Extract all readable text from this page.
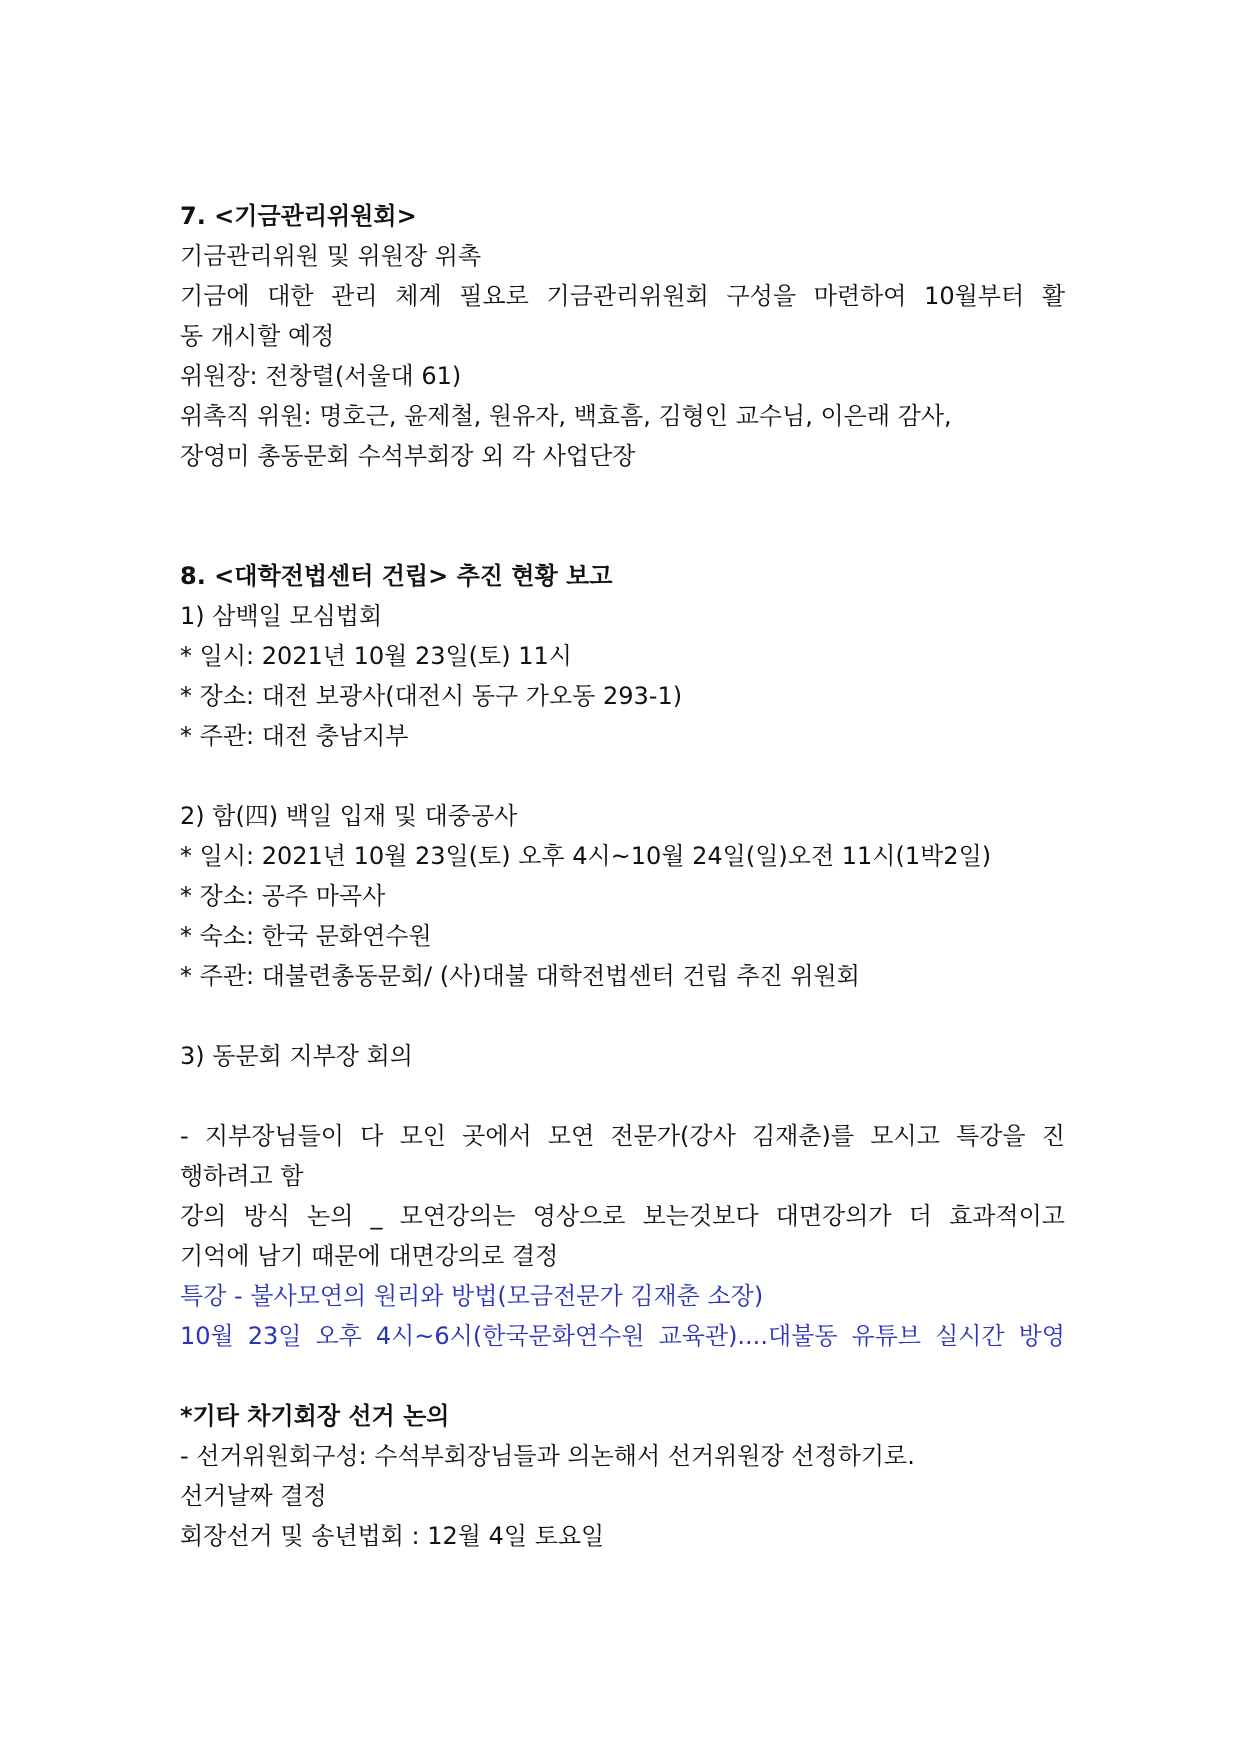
7. <기금관리위원회>
기금관리위원 및 위원장 위촉
기금에 대한 관리 체계 필요로 기금관리위원회 구성을 마련하여 10월부터 활
동 개시할 예정
위원장: 전창렬(서울대 61)
위촉직 위원: 명호근, 윤제철, 원유자, 백효흠, 김형인 교수님, 이은래 감사,
장영미 총동문회 수석부회장 외 각 사업단장
8. <대학전법센터 건립> 추진 현황 보고
1) 삼백일 모심법회
* 일시: 2021년 10월 23일(토) 11시
* 장소: 대전 보광사(대전시 동구 가오동 293-1)
* 주관: 대전 충남지부
2) 함(四) 백일 입재 및 대중공사
* 일시: 2021년 10월 23일(토) 오후 4시~10월 24일(일)오전 11시(1박2일)
* 장소: 공주 마곡사
* 숙소: 한국 문화연수원
* 주관: 대불련총동문회/ (사)대불 대학전법센터 건립 추진 위원회
3) 동문회 지부장 회의
- 지부장님들이 다 모인 곳에서 모연 전문가(강사 김재춘)를 모시고 특강을 진
행하려고 함
강의 방식 논의 _ 모연강의는 영상으로 보는것보다 대면강의가 더 효과적이고
기억에 남기 때문에 대면강의로 결정
특강 - 불사모연의 원리와 방법(모금전문가 김재춘 소장)
10월 23일 오후 4시~6시(한국문화연수원 교육관)....대불동 유튜브 실시간 방영
*기타 차기회장 선거 논의
- 선거위원회구성: 수석부회장님들과 의논해서 선거위원장 선정하기로.
선거날짜 결정
회장선거 및 송년법회 : 12월 4일 토요일
